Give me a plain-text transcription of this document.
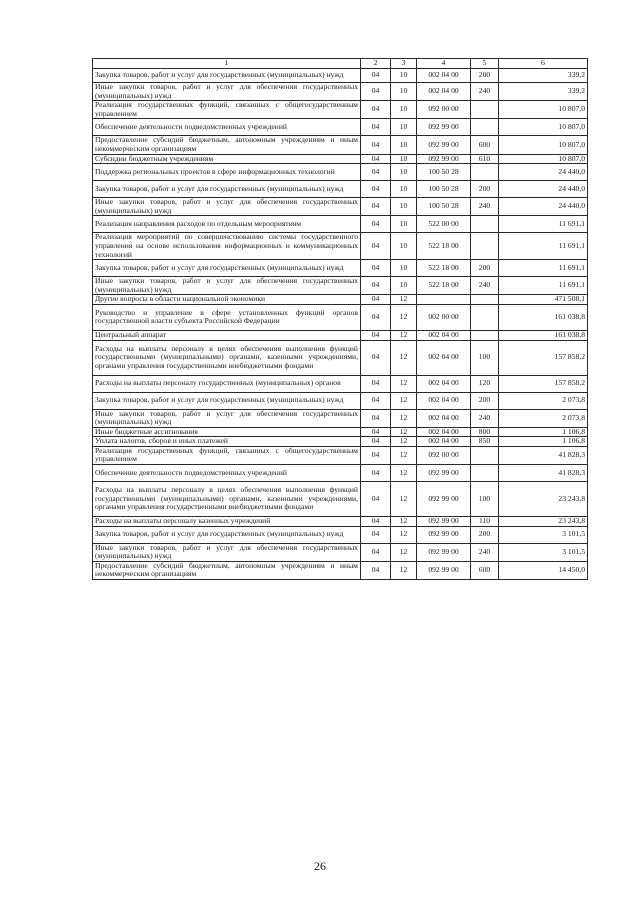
1	2	3	4	5	6
Закупка товаров, работ и услуг для государственных (муниципальных) нужд	04	10	002 04 00	200	339,2
Иные закупки товаров, работ и услуг для обеспечения государственных (муниципальных) нужд	04	10	002 04 00	240	339,2
Реализация государственных функций, связанных с общегосударственным управлением	04	10	092 00 00		10 807,0
Обеспечение деятельности подведомственных учреждений	04	10	092 99 00		10 807,0
Предоставление субсидий бюджетным, автономным учреждениям и иным некоммерческим организациям	04	10	092 99 00	600	10 807,0
Субсидии бюджетным учреждениям	04	10	092 99 00	610	10 807,0
Поддержка региональных проектов в сфере информационных технологий	04	10	100 50 28		24 440,0
Закупка товаров, работ и услуг для государственных (муниципальных) нужд	04	10	100 50 28	200	24 440,0
Иные закупки товаров, работ и услуг для обеспечения государственных (муниципальных) нужд	04	10	100 50 28	240	24 440,0
Реализация направления расходов по отдельным мероприятиям	04	10	522 00 00		11 691,1
Реализация мероприятий по совершенствованию системы государственного управления на основе использования информационных и коммуникационных технологий	04	10	522 18 00		11 691,1
Закупка товаров, работ и услуг для государственных (муниципальных) нужд	04	10	522 18 00	200	11 691,1
Иные закупки товаров, работ и услуг для обеспечения государственных (муниципальных) нужд	04	10	522 18 00	240	11 691,1
Другие вопросы в области национальной экономики	04	12			471 508,1
Руководство и управление в сфере установленных функций органов государственной власти субъекта Российской Федерации	04	12	002 00 00		161 038,8
Центральный аппарат	04	12	002 04 00		161 038,8
Расходы на выплаты персоналу в целях обеспечения выполнения функций государственными (муниципальными) органами, казенными учреждениями, органами управления государственными внебюджетными фондами	04	12	002 04 00	100	157 858,2
Расходы на выплаты персоналу государственных (муниципальных) органов	04	12	002 04 00	120	157 858,2
Закупка товаров, работ и услуг для государственных (муниципальных) нужд	04	12	002 04 00	200	2 073,8
Иные закупки товаров, работ и услуг для обеспечения государственных (муниципальных) нужд	04	12	002 04 00	240	2 073,8
Иные бюджетные ассигнования	04	12	002 04 00	800	1 106,8
Уплата налогов, сборов и иных платежей	04	12	002 04 00	850	1 106,8
Реализация государственных функций, связанных с общегосударственным управлением	04	12	092 00 00		41 828,3
Обеспечение деятельности подведомственных учреждений	04	12	092 99 00		41 828,3
Расходы на выплаты персоналу в целях обеспечения выполнения функций государственными (муниципальными) органами, казенными учреждениями, органами управления государственными внебюджетными фондами	04	12	092 99 00	100	23 243,8
Расходы на выплаты персоналу казенных учреждений	04	12	092 99 00	110	23 243,8
Закупка товаров, работ и услуг для государственных (муниципальных) нужд	04	12	092 99 00	200	3 101,5
Иные закупки товаров, работ и услуг для обеспечения государственных (муниципальных) нужд	04	12	092 99 00	240	3 101,5
Предоставление субсидий бюджетным, автономным учреждениям и иным некоммерческим организациям	04	12	092 99 00	600	14 450,0
26
